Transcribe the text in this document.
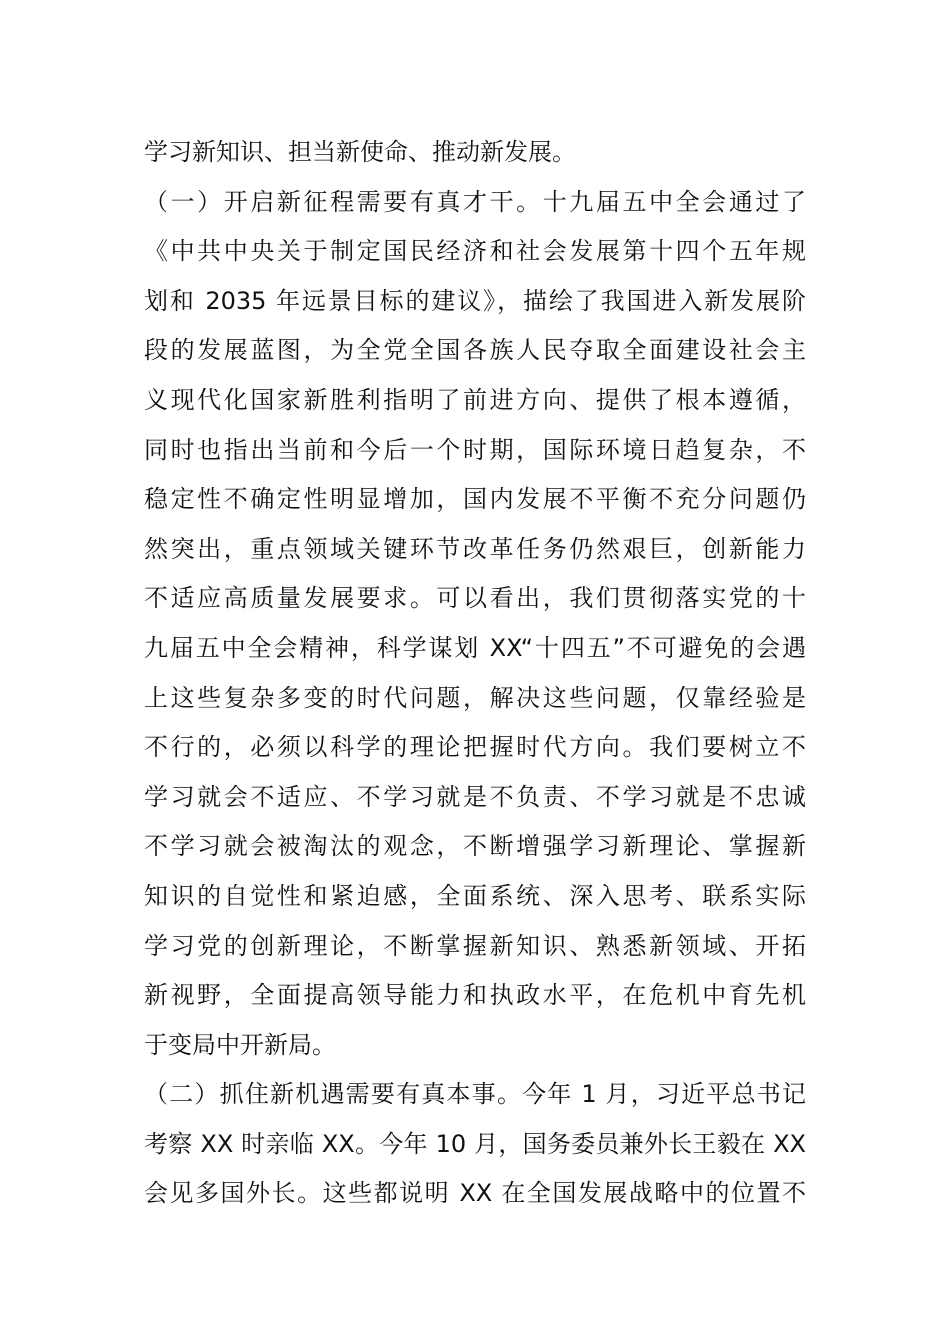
学习新知识、担当新使命、推动新发展。
（一）开启新征程需要有真才干。十九届五中全会通过了
《中共中央关于制定国民经济和社会发展第十四个五年规
划和 2035 年远景目标的建议》，描绘了我国进入新发展阶
段的发展蓝图，为全党全国各族人民夺取全面建设社会主
义现代化国家新胜利指明了前进方向、提供了根本遵循，
同时也指出当前和今后一个时期，国际环境日趋复杂，不
稳定性不确定性明显增加，国内发展不平衡不充分问题仍
然突出，重点领域关键环节改革任务仍然艰巨，创新能力
不适应高质量发展要求。可以看出，我们贯彻落实党的十
九届五中全会精神，科学谋划 XX“十四五”不可避免的会遇
上这些复杂多变的时代问题，解决这些问题，仅靠经验是
不行的，必须以科学的理论把握时代方向。我们要树立不
学习就会不适应、不学习就是不负责、不学习就是不忠诚
不学习就会被淘汰的观念，不断增强学习新理论、掌握新
知识的自觉性和紧迫感，全面系统、深入思考、联系实际
学习党的创新理论，不断掌握新知识、熟悉新领域、开拓
新视野，全面提高领导能力和执政水平，在危机中育先机
于变局中开新局。
（二）抓住新机遇需要有真本事。今年 1 月，习近平总书记
考察 XX 时亲临 XX。今年 10 月，国务委员兼外长王毅在 XX
会见多国外长。这些都说明 XX 在全国发展战略中的位置不
